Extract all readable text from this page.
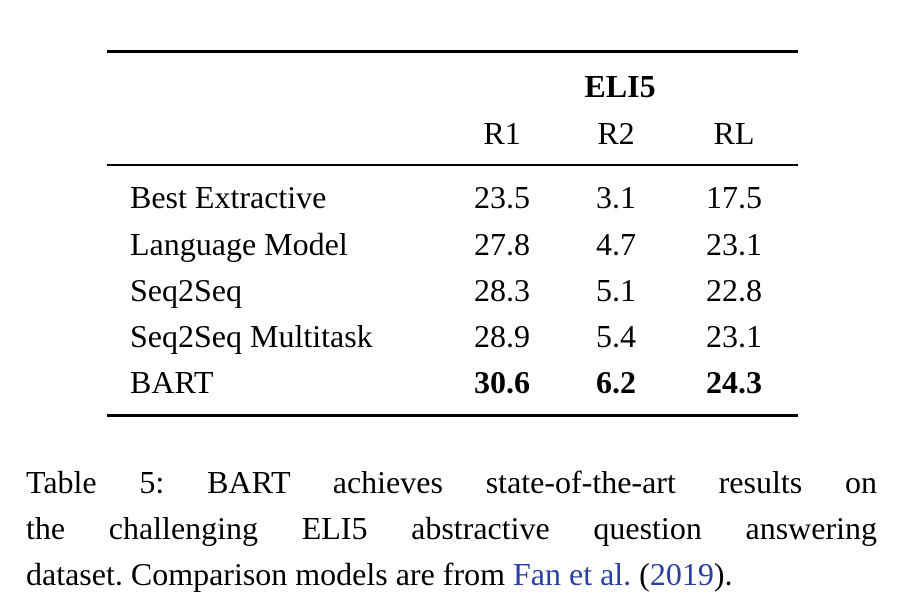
ELI5
R1	R2	RL
Best Extractive	23.5	3.1	17.5
Language Model	27.8	4.7	23.1
Seq2Seq	28.3	5.1	22.8
Seq2Seq Multitask	28.9	5.4	23.1
BART	30.6	6.2	24.3
Table 5: BART achieves state-of-the-art results on
the challenging ELI5 abstractive question answering
dataset. Comparison models are from Fan et al. (2019).
